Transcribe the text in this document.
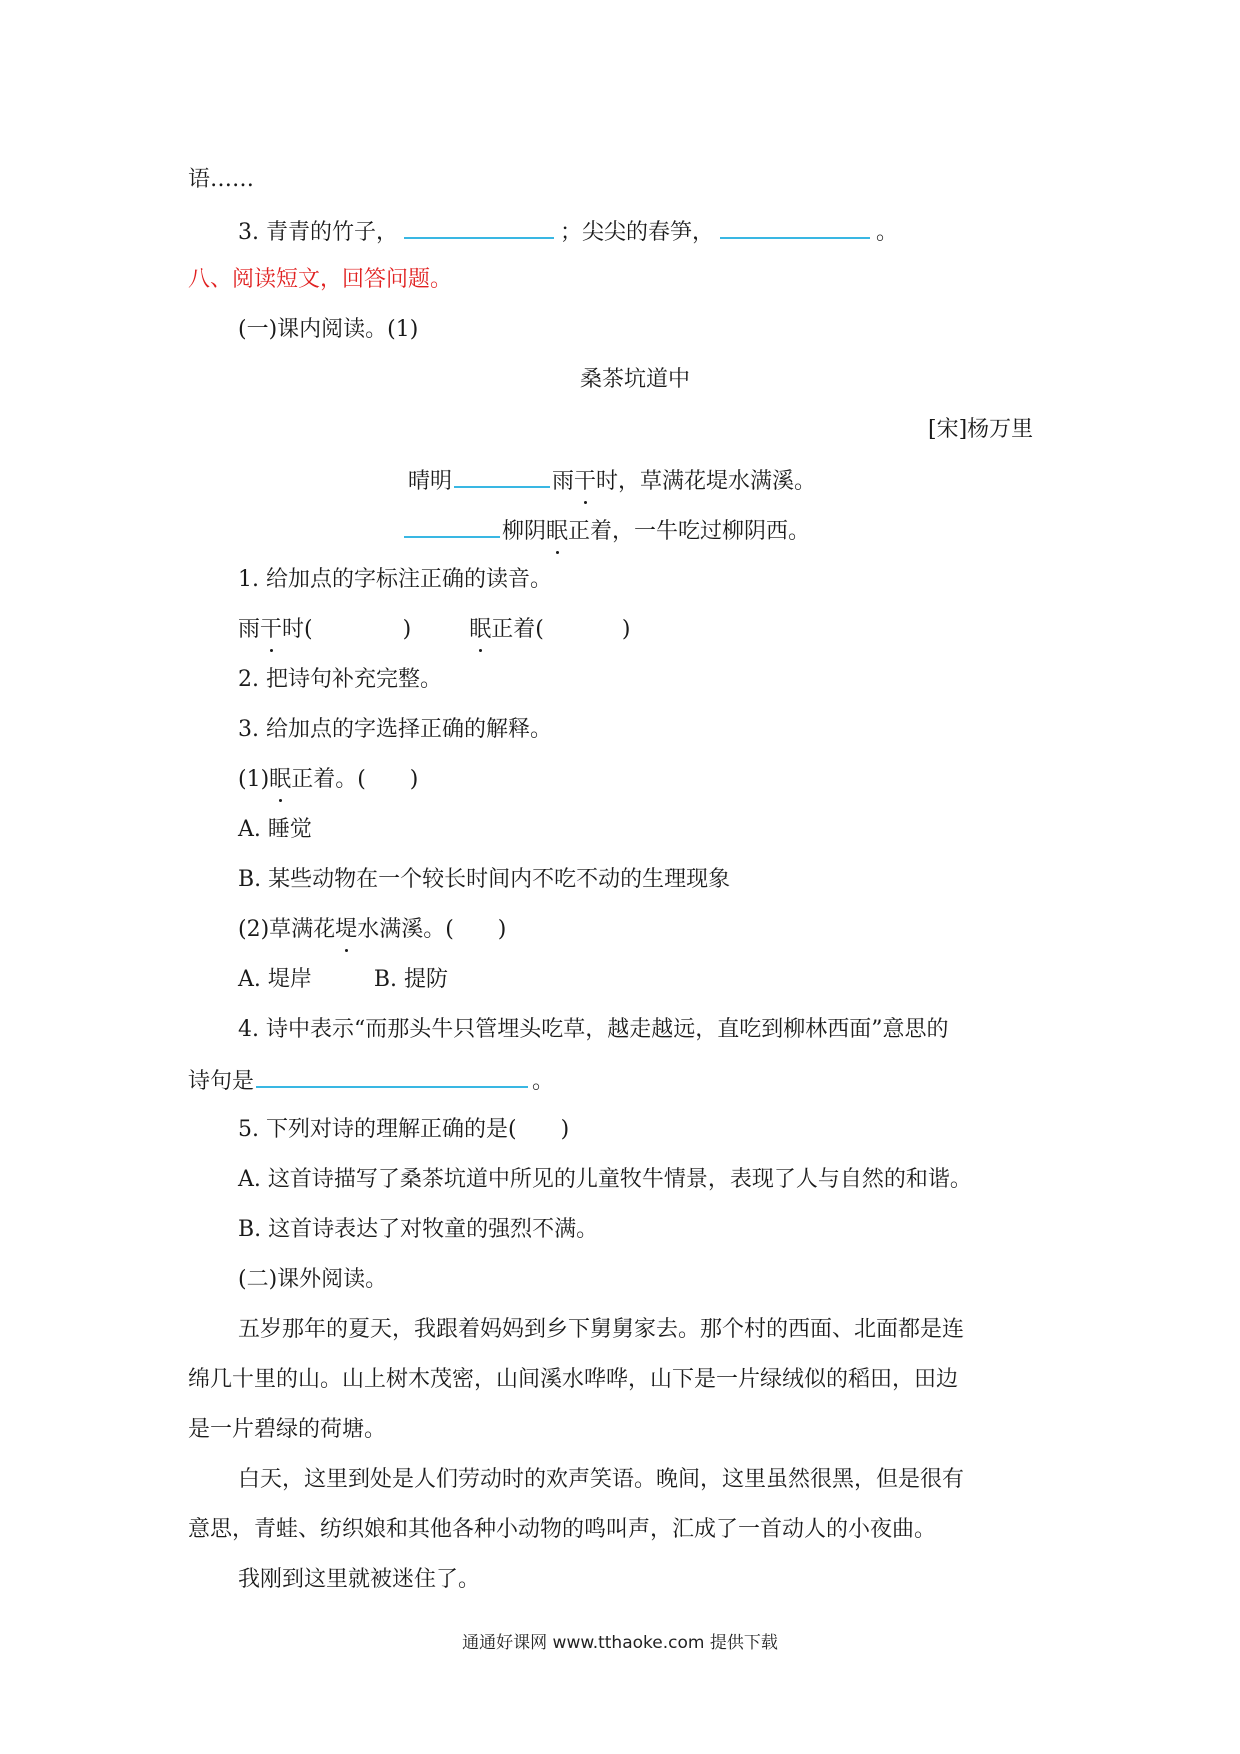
语……
3. 青青的竹子，	；尖尖的春笋，	。
八、阅读短文，回答问题。
(一)课内阅读。(1)
桑茶坑道中
[宋]杨万里
晴明	雨干时，草满花堤水满溪。
柳阴眠正着，一牛吃过柳阴西。
1. 给加点的字标注正确的读音。
雨干时(	)	眠正着(	)
2. 把诗句补充完整。
3. 给加点的字选择正确的解释。
(1)眠正着。(　　)
A. 睡觉
B. 某些动物在一个较长时间内不吃不动的生理现象
(2)草满花堤水满溪。(　　)
A. 堤岸	B. 提防
4. 诗中表示“而那头牛只管埋头吃草，越走越远，直吃到柳林西面”意思的
诗句是	。
5. 下列对诗的理解正确的是(　　)
A. 这首诗描写了桑茶坑道中所见的儿童牧牛情景，表现了人与自然的和谐。
B. 这首诗表达了对牧童的强烈不满。
(二)课外阅读。
五岁那年的夏天，我跟着妈妈到乡下舅舅家去。那个村的西面、北面都是连
绵几十里的山。山上树木茂密，山间溪水哗哗，山下是一片绿绒似的稻田，田边
是一片碧绿的荷塘。
白天，这里到处是人们劳动时的欢声笑语。晚间，这里虽然很黑，但是很有
意思，青蛙、纺织娘和其他各种小动物的鸣叫声，汇成了一首动人的小夜曲。
我刚到这里就被迷住了。
通通好课网 www.tthaoke.com 提供下载
